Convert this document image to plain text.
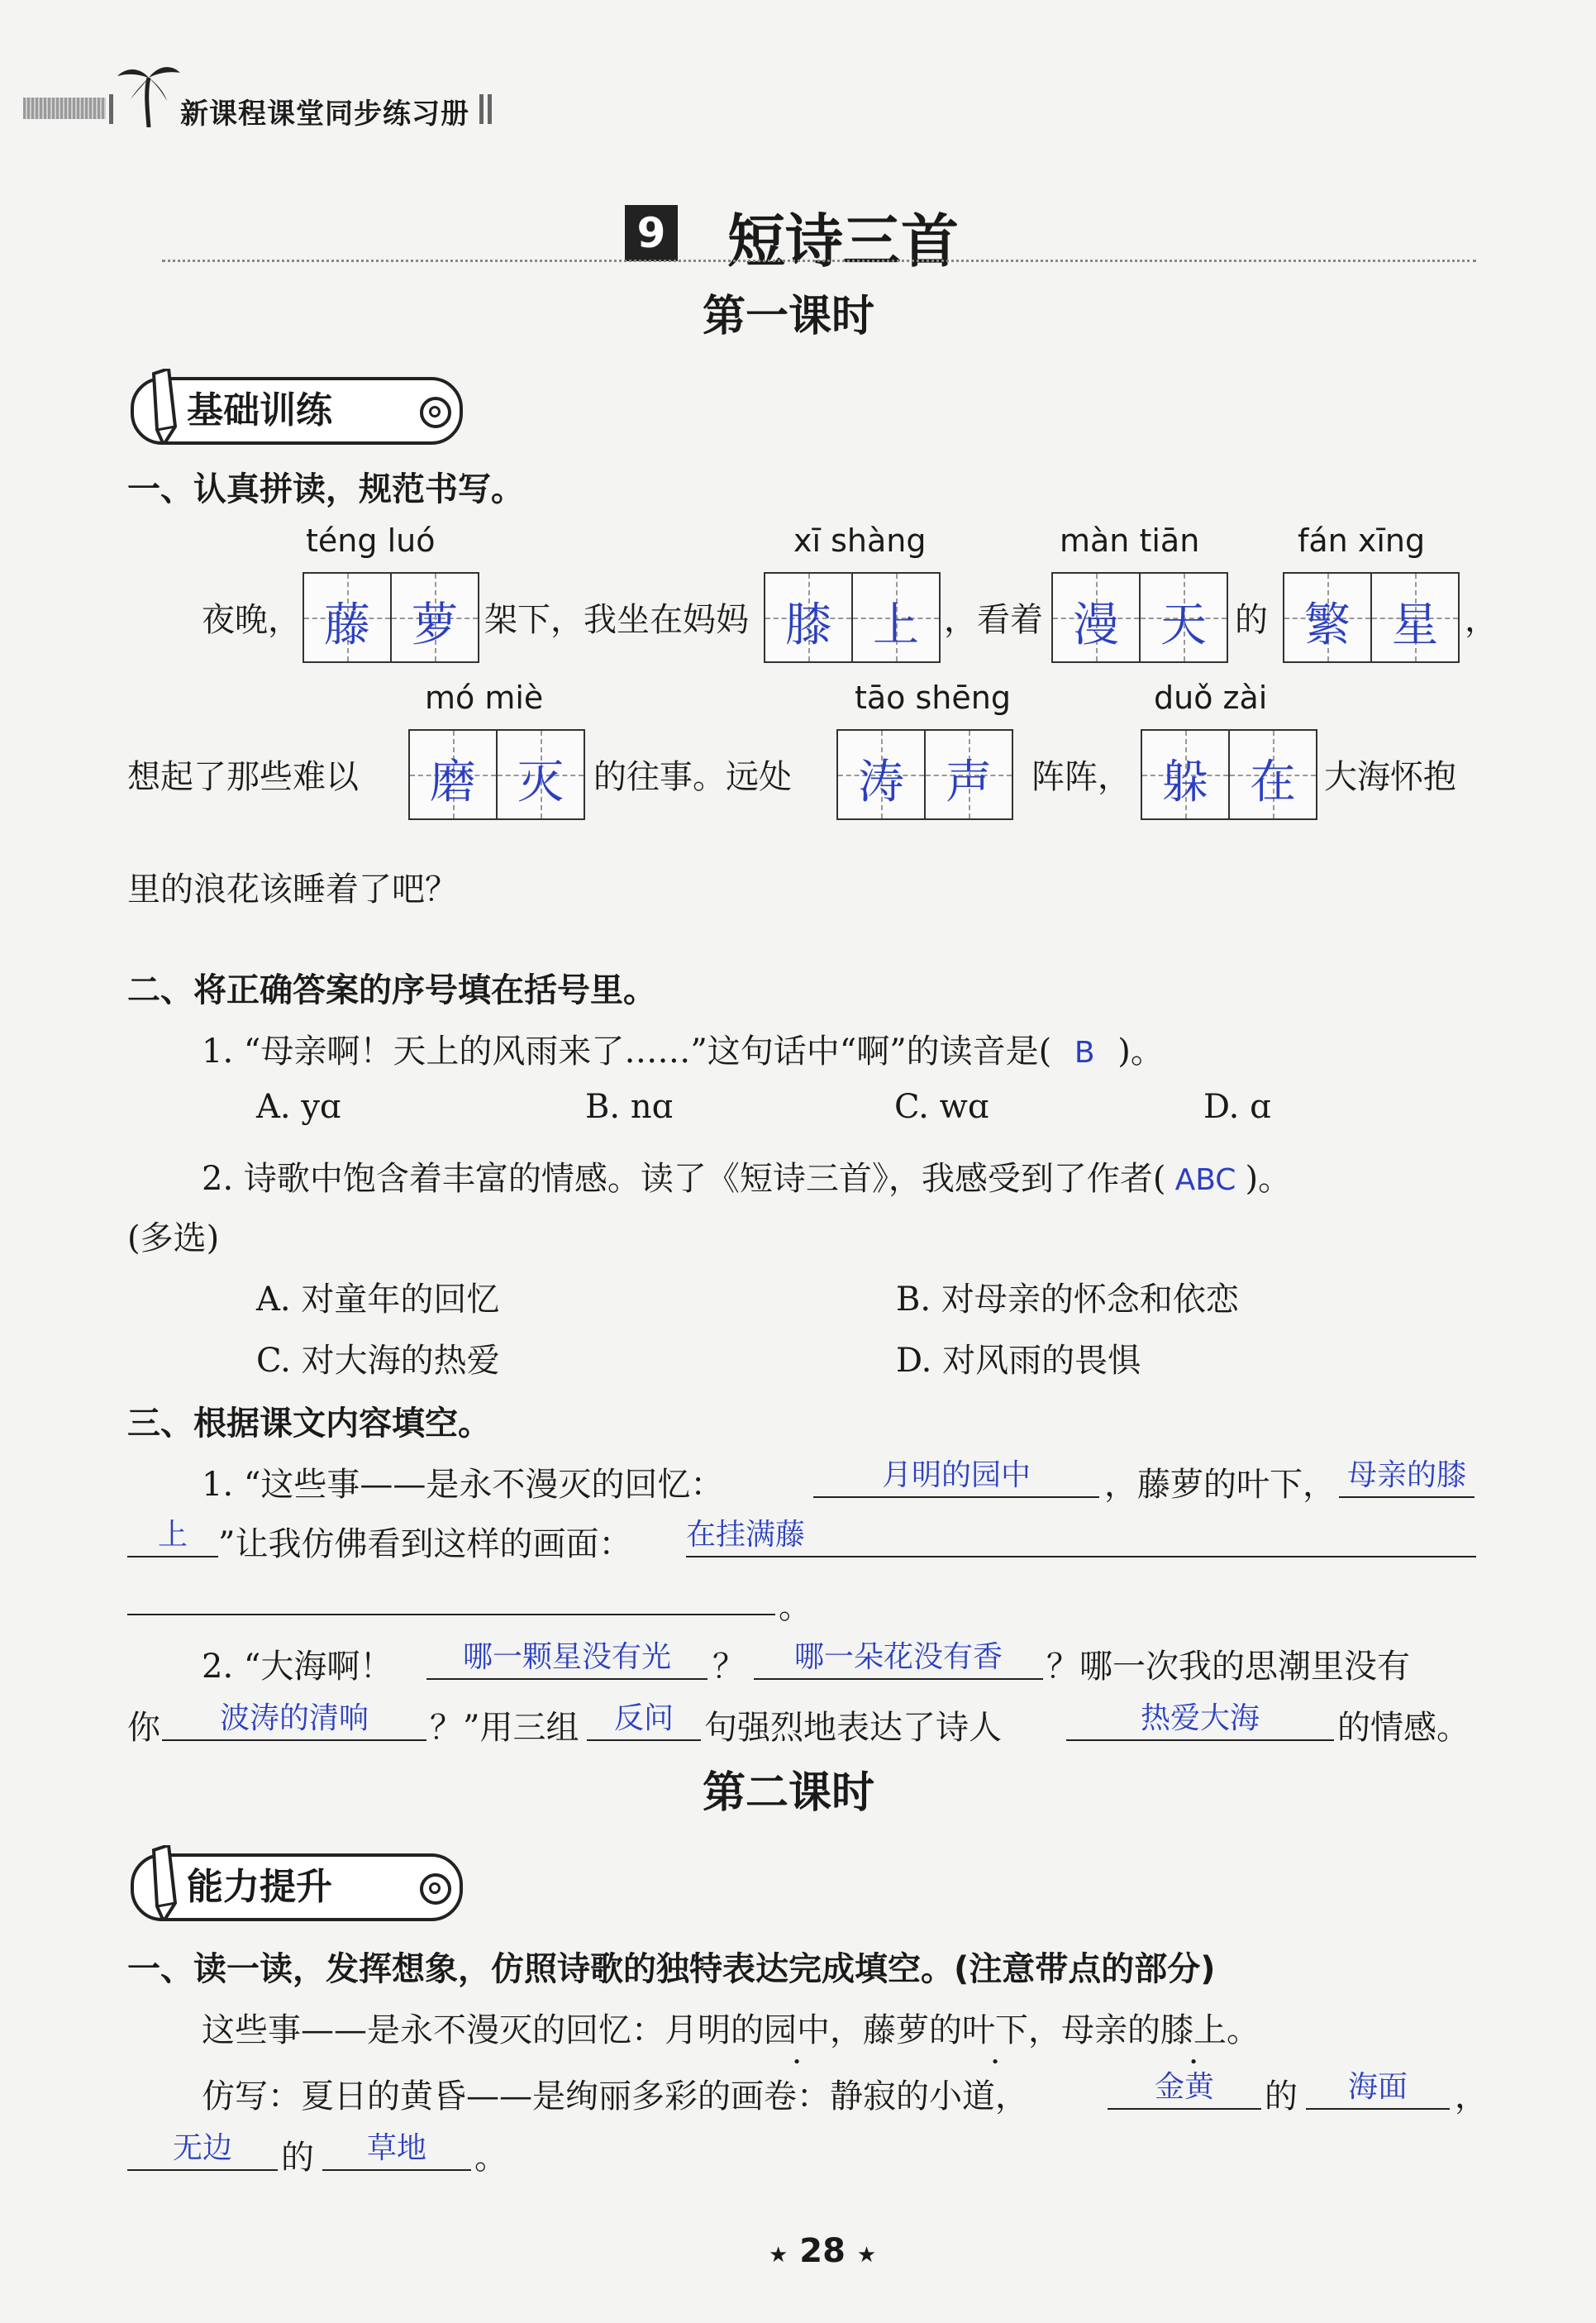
新课程课堂同步练习册
9 短诗三首
第一课时
基础训练
一、认真拼读，规范书写。
téng luó	xī shàng	màn tiān	fán xīng
夜晚， 藤 萝 架下，我坐在妈妈 膝 上 ，看着 漫 天 的 繁 星 ，
mó miè	tāo shēng	duǒ zài
想起了那些难以	磨 灭 的往事。远处	涛 声	阵阵， 躲 在 大海怀抱
里的浪花该睡着了吧？
二、将正确答案的序号填在括号里。
1. “母亲啊！天上的风雨来了……”这句话中“啊”的读音是( B )。
A. yɑ	B. nɑ	C. wɑ	D. ɑ
2. 诗歌中饱含着丰富的情感。读了《短诗三首》，我感受到了作者( ABC )。
(多选)
A. 对童年的回忆	B. 对母亲的怀念和依恋
C. 对大海的热爱	D. 对风雨的畏惧
三、根据课文内容填空。
1. “这些事——是永不漫灭的回忆：	月明的园中	，藤萝的叶下， 母亲的膝
上 ”让我仿佛看到这样的画面： 在挂满藤
。
2. “大海啊！	哪一颗星没有光	？	哪一朵花没有香	？哪一次我的思潮里没有
你	波涛的清响	？”用三组	反问 句强烈地表达了诗人	热爱大海	的情感。
第二课时
能力提升
一、读一读，发挥想象，仿照诗歌的独特表达完成填空。(注意带点的部分)
这些事——是永不漫灭的回忆：月明的园中，藤萝的叶下，母亲的膝上。
仿写：夏日的黄昏——是绚丽多彩的画卷：静寂的小道，	金黄	的	海面	，
无边	的	草地	。
★ 28 ★
